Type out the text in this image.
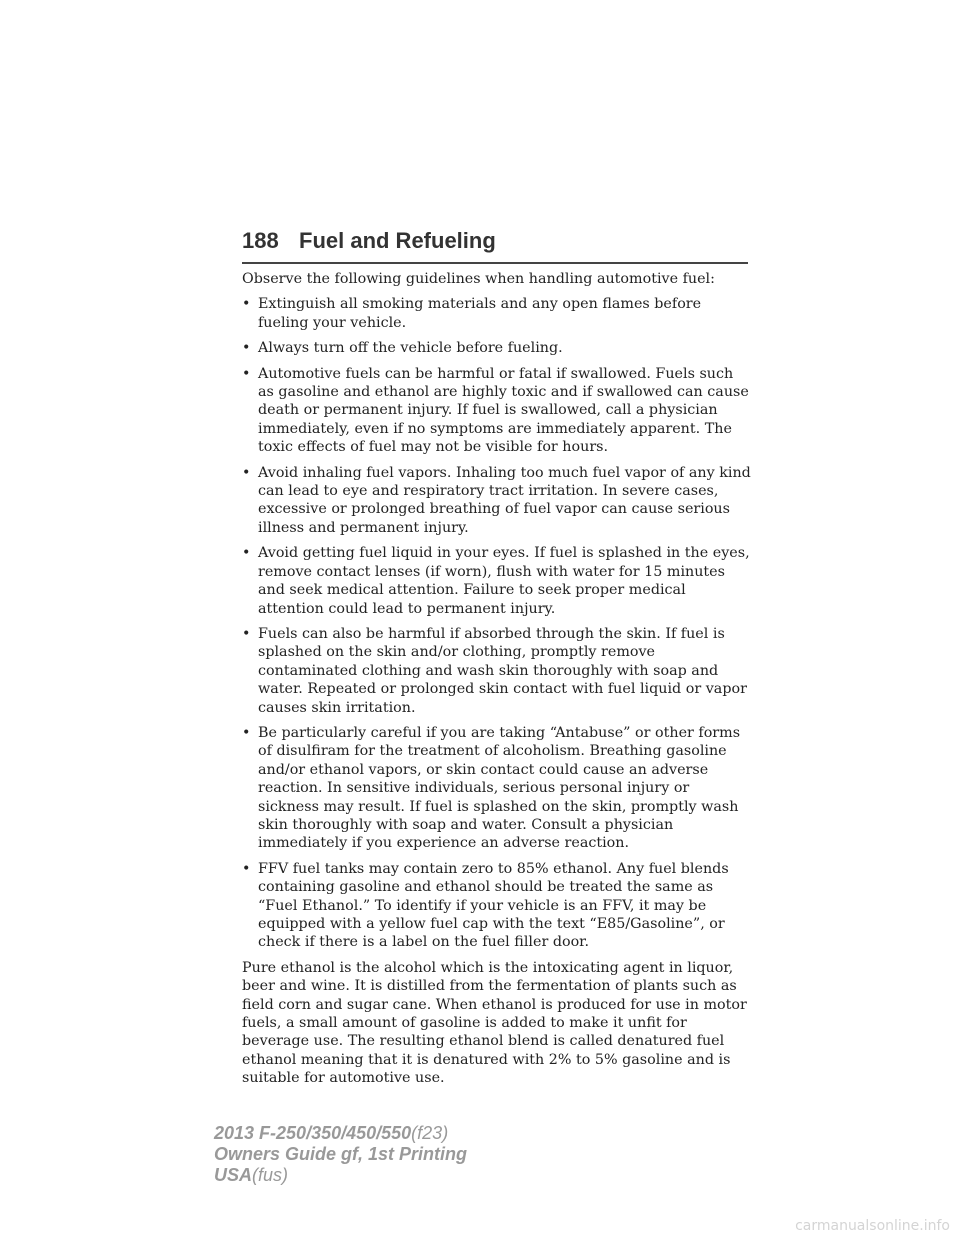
188 Fuel and Refueling

Observe the following guidelines when handling automotive fuel:

• Extinguish all smoking materials and any open flames before fueling your vehicle.
• Always turn off the vehicle before fueling.
• Automotive fuels can be harmful or fatal if swallowed. Fuels such as gasoline and ethanol are highly toxic and if swallowed can cause death or permanent injury. If fuel is swallowed, call a physician immediately, even if no symptoms are immediately apparent. The toxic effects of fuel may not be visible for hours.
• Avoid inhaling fuel vapors. Inhaling too much fuel vapor of any kind can lead to eye and respiratory tract irritation. In severe cases, excessive or prolonged breathing of fuel vapor can cause serious illness and permanent injury.
• Avoid getting fuel liquid in your eyes. If fuel is splashed in the eyes, remove contact lenses (if worn), flush with water for 15 minutes and seek medical attention. Failure to seek proper medical attention could lead to permanent injury.
• Fuels can also be harmful if absorbed through the skin. If fuel is splashed on the skin and/or clothing, promptly remove contaminated clothing and wash skin thoroughly with soap and water. Repeated or prolonged skin contact with fuel liquid or vapor causes skin irritation.
• Be particularly careful if you are taking “Antabuse” or other forms of disulfiram for the treatment of alcoholism. Breathing gasoline and/or ethanol vapors, or skin contact could cause an adverse reaction. In sensitive individuals, serious personal injury or sickness may result. If fuel is splashed on the skin, promptly wash skin thoroughly with soap and water. Consult a physician immediately if you experience an adverse reaction.
• FFV fuel tanks may contain zero to 85% ethanol. Any fuel blends containing gasoline and ethanol should be treated the same as “Fuel Ethanol.” To identify if your vehicle is an FFV, it may be equipped with a yellow fuel cap with the text “E85/Gasoline”, or check if there is a label on the fuel filler door.

Pure ethanol is the alcohol which is the intoxicating agent in liquor, beer and wine. It is distilled from the fermentation of plants such as field corn and sugar cane. When ethanol is produced for use in motor fuels, a small amount of gasoline is added to make it unfit for beverage use. The resulting ethanol blend is called denatured fuel ethanol meaning that it is denatured with 2% to 5% gasoline and is suitable for automotive use.

2013 F-250/350/450/550(f23)
Owners Guide gf, 1st Printing
USA(fus)
carmanualsonline.info
